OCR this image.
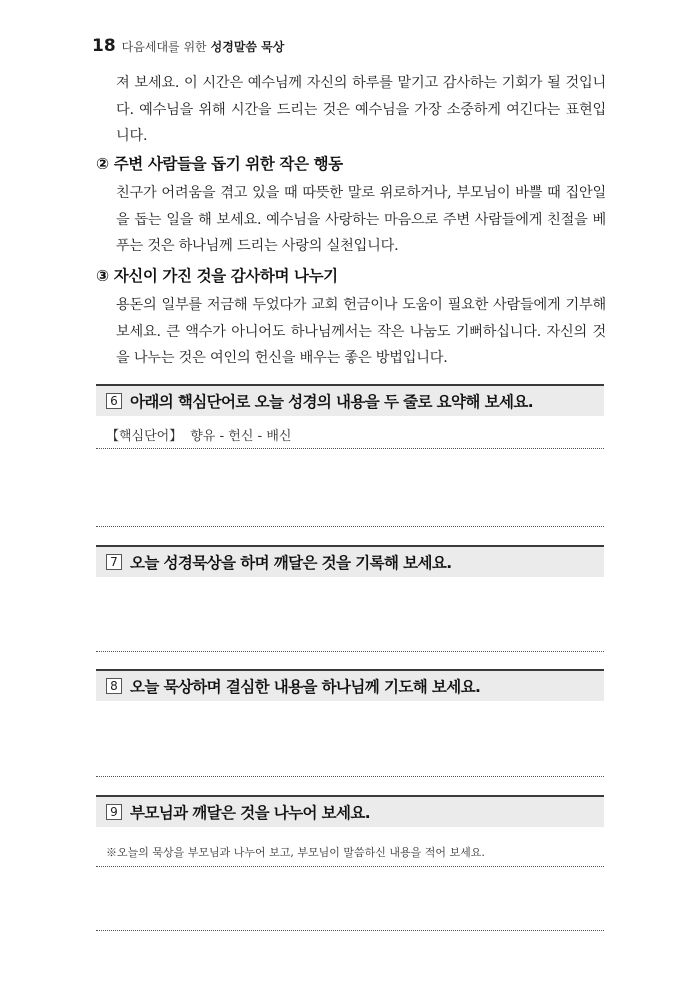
18 다음세대를 위한 성경말씀 묵상

져 보세요. 이 시간은 예수님께 자신의 하루를 맡기고 감사하는 기회가 될 것입니다. 예수님을 위해 시간을 드리는 것은 예수님을 가장 소중하게 여긴다는 표현입니다.

② 주변 사람들을 돕기 위한 작은 행동

친구가 어려움을 겪고 있을 때 따뜻한 말로 위로하거나, 부모님이 바쁠 때 집안일을 돕는 일을 해 보세요. 예수님을 사랑하는 마음으로 주변 사람들에게 친절을 베푸는 것은 하나님께 드리는 사랑의 실천입니다.

③ 자신이 가진 것을 감사하며 나누기

용돈의 일부를 저금해 두었다가 교회 헌금이나 도움이 필요한 사람들에게 기부해 보세요. 큰 액수가 아니어도 하나님께서는 작은 나눔도 기뻐하십니다. 자신의 것을 나누는 것은 여인의 헌신을 배우는 좋은 방법입니다.

6 아래의 핵심단어로 오늘 성경의 내용을 두 줄로 요약해 보세요.
【핵심단어】 향유 - 헌신 - 배신
7 오늘 성경묵상을 하며 깨달은 것을 기록해 보세요.
8 오늘 묵상하며 결심한 내용을 하나님께 기도해 보세요.
9 부모님과 깨달은 것을 나누어 보세요.
※오늘의 묵상을 부모님과 나누어 보고, 부모님이 말씀하신 내용을 적어 보세요.
